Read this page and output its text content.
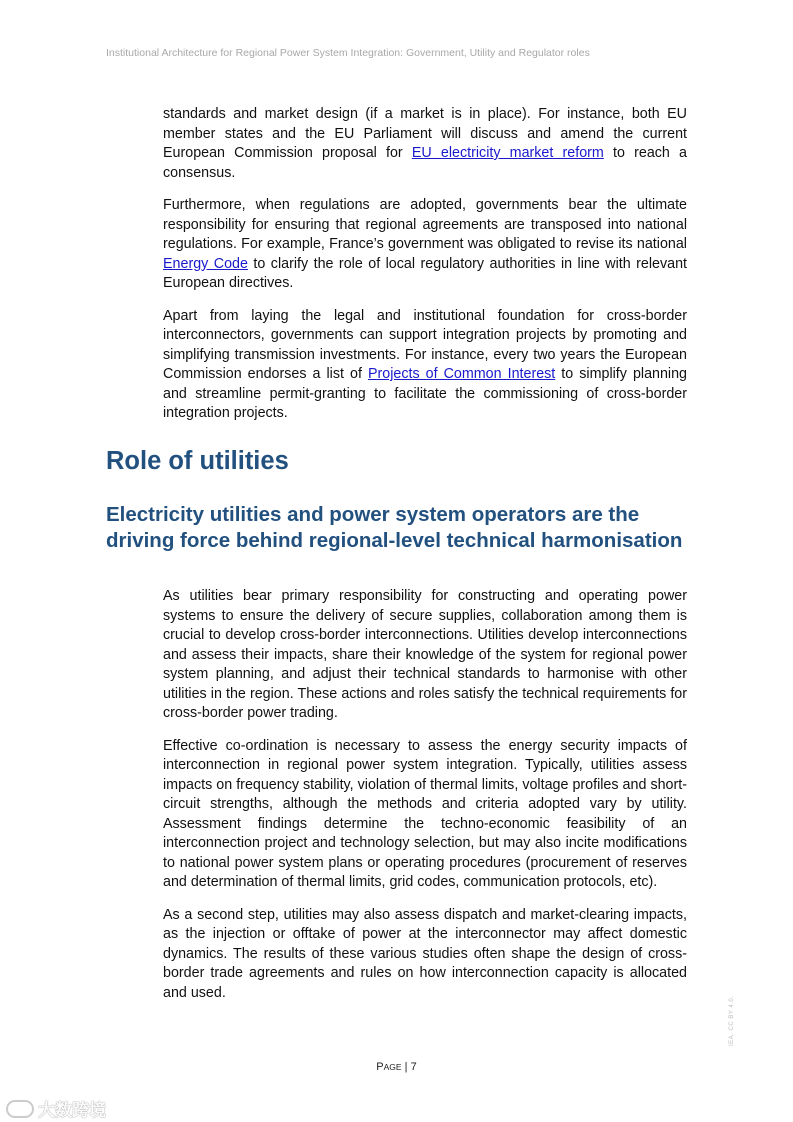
Institutional Architecture for Regional Power System Integration: Government, Utility and Regulator roles

standards and market design (if a market is in place). For instance, both EU member states and the EU Parliament will discuss and amend the current European Commission proposal for EU electricity market reform to reach a consensus.

Furthermore, when regulations are adopted, governments bear the ultimate responsibility for ensuring that regional agreements are transposed into national regulations. For example, France’s government was obligated to revise its national Energy Code to clarify the role of local regulatory authorities in line with relevant European directives.

Apart from laying the legal and institutional foundation for cross-border interconnectors, governments can support integration projects by promoting and simplifying transmission investments. For instance, every two years the European Commission endorses a list of Projects of Common Interest to simplify planning and streamline permit-granting to facilitate the commissioning of cross-border integration projects.

Role of utilities
Electricity utilities and power system operators are the driving force behind regional-level technical harmonisation

As utilities bear primary responsibility for constructing and operating power systems to ensure the delivery of secure supplies, collaboration among them is crucial to develop cross-border interconnections. Utilities develop interconnections and assess their impacts, share their knowledge of the system for regional power system planning, and adjust their technical standards to harmonise with other utilities in the region. These actions and roles satisfy the technical requirements for cross-border power trading.

Effective co-ordination is necessary to assess the energy security impacts of interconnection in regional power system integration. Typically, utilities assess impacts on frequency stability, violation of thermal limits, voltage profiles and short-circuit strengths, although the methods and criteria adopted vary by utility. Assessment findings determine the techno-economic feasibility of an interconnection project and technology selection, but may also incite modifications to national power system plans or operating procedures (procurement of reserves and determination of thermal limits, grid codes, communication protocols, etc).

As a second step, utilities may also assess dispatch and market-clearing impacts, as the injection or offtake of power at the interconnector may affect domestic dynamics. The results of these various studies often shape the design of cross-border trade agreements and rules on how interconnection capacity is allocated and used.

PAGE | 7
IEA. CC BY 4.0.
大数跨境
